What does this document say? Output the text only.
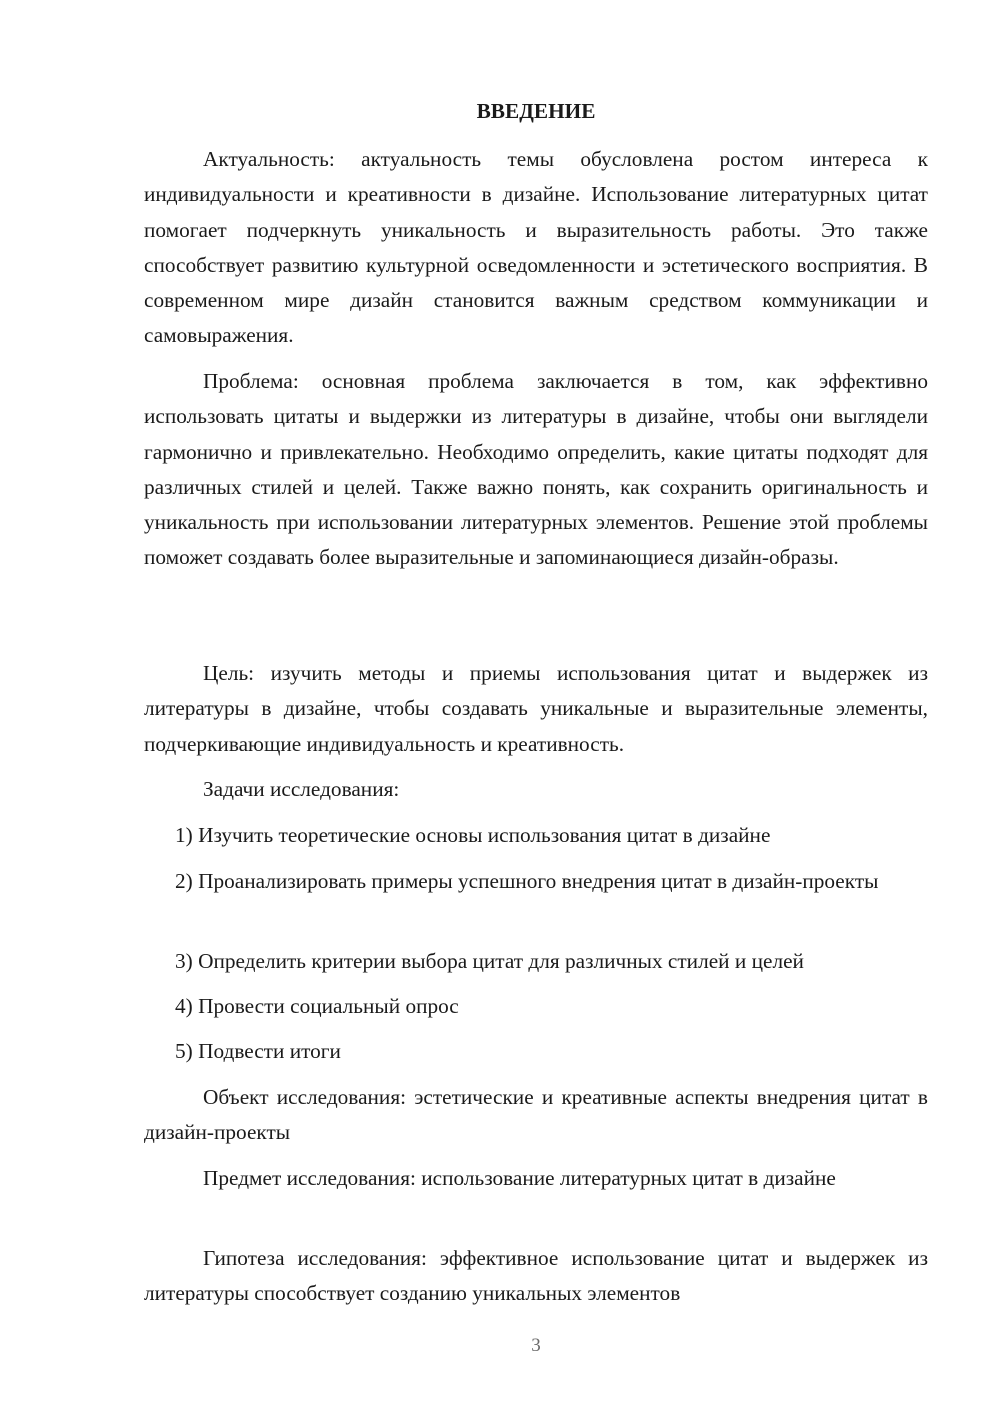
ВВЕДЕНИЕ

Актуальность: актуальность темы обусловлена ростом интереса к индивидуальности и креативности в дизайне. Использование литературных цитат помогает подчеркнуть уникальность и выразительность работы. Это также способствует развитию культурной осведомленности и эстетического восприятия. В современном мире дизайн становится важным средством коммуникации и самовыражения.

Проблема: основная проблема заключается в том, как эффективно использовать цитаты и выдержки из литературы в дизайне, чтобы они выглядели гармонично и привлекательно. Необходимо определить, какие цитаты подходят для различных стилей и целей. Также важно понять, как сохранить оригинальность и уникальность при использовании литературных элементов. Решение этой проблемы поможет создавать более выразительные и запоминающиеся дизайн-образы.

Цель: изучить методы и приемы использования цитат и выдержек из литературы в дизайне, чтобы создавать уникальные и выразительные элементы, подчеркивающие индивидуальность и креативность.

Задачи исследования:

1) Изучить теоретические основы использования цитат в дизайне

2) Проанализировать примеры успешного внедрения цитат в дизайн-проекты

3) Определить критерии выбора цитат для различных стилей и целей

4) Провести социальный опрос

5) Подвести итоги

Объект исследования: эстетические и креативные аспекты внедрения цитат в дизайн-проекты

Предмет исследования: использование литературных цитат в дизайне

Гипотеза исследования: эффективное использование цитат и выдержек из литературы способствует созданию уникальных элементов

3
